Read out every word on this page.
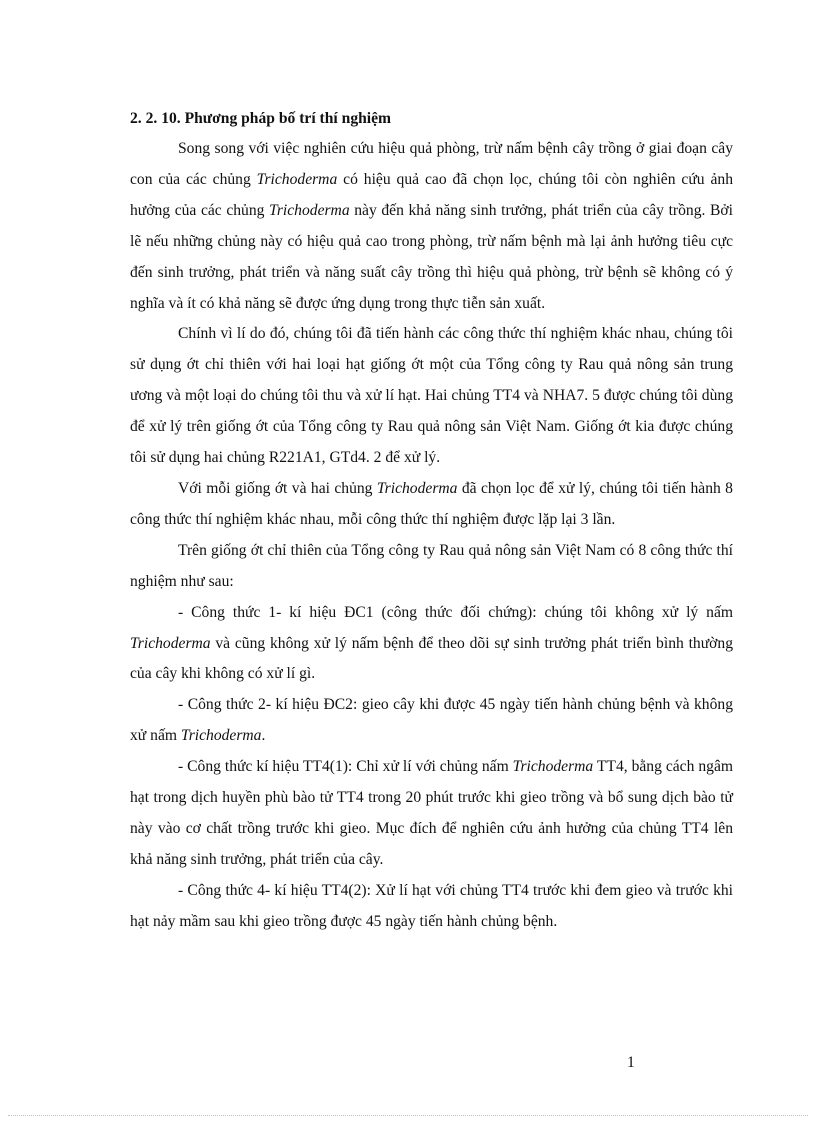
2. 2. 10. Phương pháp bố trí thí nghiệm

Song song với việc nghiên cứu hiệu quả phòng, trừ nấm bệnh cây trồng ở giai đoạn cây con của các chủng Trichoderma có hiệu quả cao đã chọn lọc, chúng tôi còn nghiên cứu ảnh hưởng của các chủng Trichoderma này đến khả năng sinh trưởng, phát triển của cây trồng. Bởi lẽ nếu những chủng này có hiệu quả cao trong phòng, trừ nấm bệnh mà lại ảnh hưởng tiêu cực đến sinh trưởng, phát triển và năng suất cây trồng thì hiệu quả phòng, trừ bệnh sẽ không có ý nghĩa và ít có khả năng sẽ được ứng dụng trong thực tiễn sản xuất.

Chính vì lí do đó, chúng tôi đã tiến hành các công thức thí nghiệm khác nhau, chúng tôi sử dụng ớt chỉ thiên với hai loại hạt giống ớt một của Tổng công ty Rau quả nông sản trung ương và một loại do chúng tôi thu và xử lí hạt. Hai chủng TT4 và NHA7. 5 được chúng tôi dùng để xử lý trên giống ớt của Tổng công ty Rau quả nông sản Việt Nam. Giống ớt kia được chúng tôi sử dụng hai chủng R221A1, GTd4. 2 để xử lý.

Với mỗi giống ớt và hai chủng Trichoderma đã chọn lọc để xử lý, chúng tôi tiến hành 8 công thức thí nghiệm khác nhau, mỗi công thức thí nghiệm được lặp lại 3 lần.

Trên giống ớt chỉ thiên của Tổng công ty Rau quả nông sản Việt Nam có 8 công thức thí nghiệm như sau:

- Công thức 1- kí hiệu ĐC1 (công thức đối chứng): chúng tôi không xử lý nấm Trichoderma và cũng không xử lý nấm bệnh để theo dõi sự sinh trưởng phát triển bình thường của cây khi không có xử lí gì.

- Công thức 2- kí hiệu ĐC2: gieo cây khi được 45 ngày tiến hành chủng bệnh và không xử nấm Trichoderma.

- Công thức kí hiệu TT4(1): Chỉ xử lí với chủng nấm Trichoderma TT4, bằng cách ngâm hạt trong dịch huyền phù bào tử TT4 trong 20 phút trước khi gieo trồng và bổ sung dịch bào tử này vào cơ chất trồng trước khi gieo. Mục đích để nghiên cứu ảnh hưởng của chủng TT4 lên khả năng sinh trưởng, phát triển của cây.

- Công thức 4- kí hiệu TT4(2): Xử lí hạt với chủng TT4 trước khi đem gieo và trước khi hạt nảy mầm sau khi gieo trồng được 45 ngày tiến hành chủng bệnh.

1
